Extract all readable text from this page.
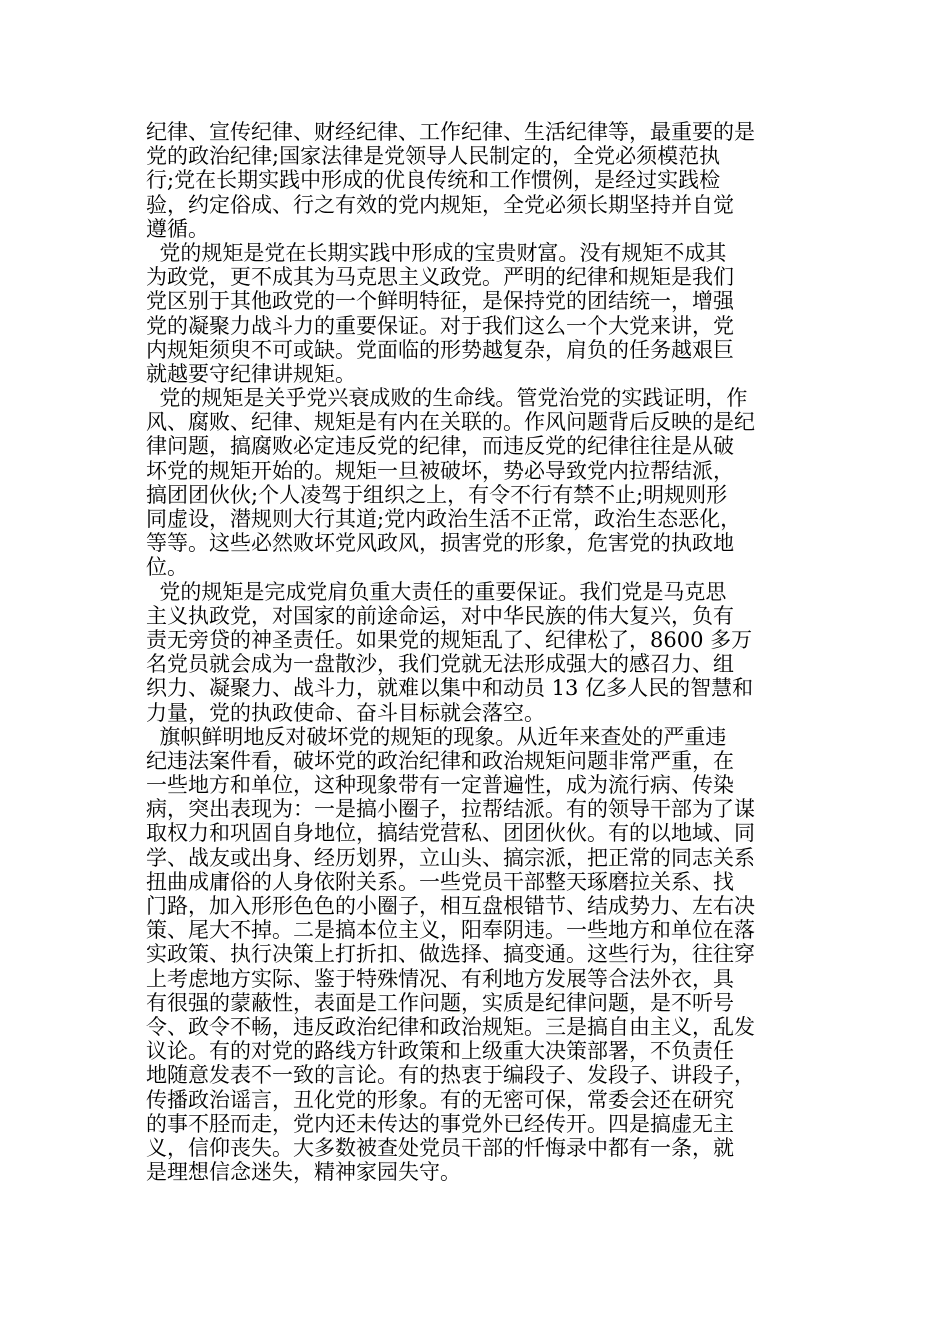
纪律、宣传纪律、财经纪律、工作纪律、生活纪律等，最重要的是
党的政治纪律;国家法律是党领导人民制定的，全党必须模范执
行;党在长期实践中形成的优良传统和工作惯例，是经过实践检
验，约定俗成、行之有效的党内规矩，全党必须长期坚持并自觉
遵循。
党的规矩是党在长期实践中形成的宝贵财富。没有规矩不成其
为政党，更不成其为马克思主义政党。严明的纪律和规矩是我们
党区别于其他政党的一个鲜明特征，是保持党的团结统一，增强
党的凝聚力战斗力的重要保证。对于我们这么一个大党来讲，党
内规矩须臾不可或缺。党面临的形势越复杂，肩负的任务越艰巨
就越要守纪律讲规矩。
党的规矩是关乎党兴衰成败的生命线。管党治党的实践证明，作
风、腐败、纪律、规矩是有内在关联的。作风问题背后反映的是纪
律问题，搞腐败必定违反党的纪律，而违反党的纪律往往是从破
坏党的规矩开始的。规矩一旦被破坏，势必导致党内拉帮结派，
搞团团伙伙;个人凌驾于组织之上，有令不行有禁不止;明规则形
同虚设，潜规则大行其道;党内政治生活不正常，政治生态恶化，
等等。这些必然败坏党风政风，损害党的形象，危害党的执政地
位。
党的规矩是完成党肩负重大责任的重要保证。我们党是马克思
主义执政党，对国家的前途命运，对中华民族的伟大复兴，负有
责无旁贷的神圣责任。如果党的规矩乱了、纪律松了，8600 多万
名党员就会成为一盘散沙，我们党就无法形成强大的感召力、组
织力、凝聚力、战斗力，就难以集中和动员 13 亿多人民的智慧和
力量，党的执政使命、奋斗目标就会落空。
旗帜鲜明地反对破坏党的规矩的现象。从近年来查处的严重违
纪违法案件看，破坏党的政治纪律和政治规矩问题非常严重，在
一些地方和单位，这种现象带有一定普遍性，成为流行病、传染
病，突出表现为：一是搞小圈子，拉帮结派。有的领导干部为了谋
取权力和巩固自身地位，搞结党营私、团团伙伙。有的以地域、同
学、战友或出身、经历划界，立山头、搞宗派，把正常的同志关系
扭曲成庸俗的人身依附关系。一些党员干部整天琢磨拉关系、找
门路，加入形形色色的小圈子，相互盘根错节、结成势力、左右决
策、尾大不掉。二是搞本位主义，阳奉阴违。一些地方和单位在落
实政策、执行决策上打折扣、做选择、搞变通。这些行为，往往穿
上考虑地方实际、鉴于特殊情况、有利地方发展等合法外衣，具
有很强的蒙蔽性，表面是工作问题，实质是纪律问题，是不听号
令、政令不畅，违反政治纪律和政治规矩。三是搞自由主义，乱发
议论。有的对党的路线方针政策和上级重大决策部署，不负责任
地随意发表不一致的言论。有的热衷于编段子、发段子、讲段子，
传播政治谣言，丑化党的形象。有的无密可保，常委会还在研究
的事不胫而走，党内还未传达的事党外已经传开。四是搞虚无主
义，信仰丧失。大多数被查处党员干部的忏悔录中都有一条，就
是理想信念迷失，精神家园失守。
